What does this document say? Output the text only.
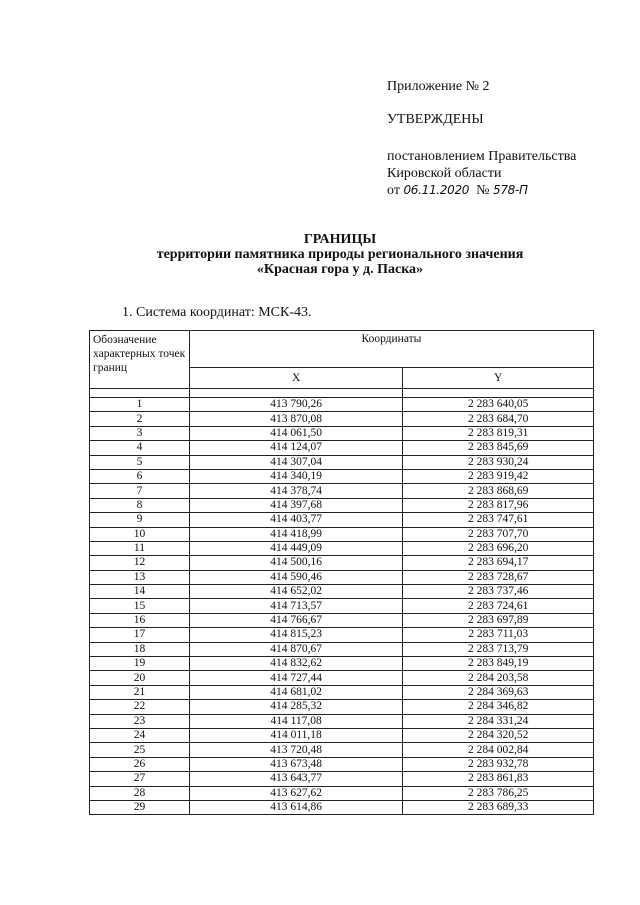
Приложение № 2
УТВЕРЖДЕНЫ
постановлением Правительства
Кировской области
от 06.11.2020 № 578-П
ГРАНИЦЫ
территории памятника природы регионального значения
«Красная гора у д. Паска»
1. Система координат: МСК-43.
Обозначение характерных точек границ	Координаты	
	X	Y

1	413 790,26	2 283 640,05
2	413 870,08	2 283 684,70
3	414 061,50	2 283 819,31
4	414 124,07	2 283 845,69
5	414 307,04	2 283 930,24
6	414 340,19	2 283 919,42
7	414 378,74	2 283 868,69
8	414 397,68	2 283 817,96
9	414 403,77	2 283 747,61
10	414 418,99	2 283 707,70
11	414 449,09	2 283 696,20
12	414 500,16	2 283 694,17
13	414 590,46	2 283 728,67
14	414 652,02	2 283 737,46
15	414 713,57	2 283 724,61
16	414 766,67	2 283 697,89
17	414 815,23	2 283 711,03
18	414 870,67	2 283 713,79
19	414 832,62	2 283 849,19
20	414 727,44	2 284 203,58
21	414 681,02	2 284 369,63
22	414 285,32	2 284 346,82
23	414 117,08	2 284 331,24
24	414 011,18	2 284 320,52
25	413 720,48	2 284 002,84
26	413 673,48	2 283 932,78
27	413 643,77	2 283 861,83
28	413 627,62	2 283 786,25
29	413 614,86	2 283 689,33
